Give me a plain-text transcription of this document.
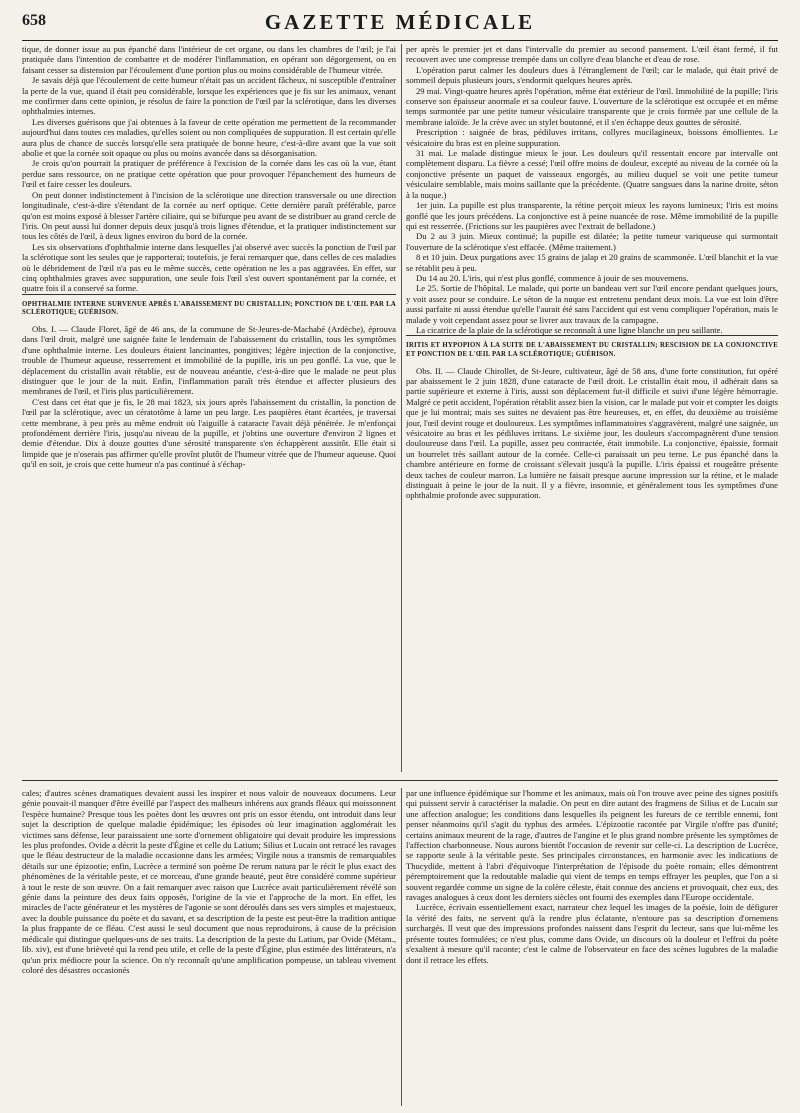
658	GAZETTE MÉDICALE

tique, de donner issue au pus épanché dans l'intérieur de cet organe, ou dans les chambres de l'œil; je l'ai pratiquée dans l'intention de combattre et de modérer l'inflammation, en opérant son dégorgement, ou en faisant cesser sa distension par l'écoulement d'une portion plus ou moins considérable de l'humeur vitrée.

Je savais déjà que l'écoulement de cette humeur n'était pas un accident fâcheux, ni susceptible d'entraîner la perte de la vue, quand il était peu considérable, lorsque les expériences que je fis sur les animaux, venant me confirmer dans cette opinion, je résolus de faire la ponction de l'œil par la sclérotique, dans les diverses ophthalmies internes.

Les diverses guérisons que j'ai obtenues à la faveur de cette opération me permettent de la recommander aujourd'hui dans toutes ces maladies, qu'elles soient ou non compliquées de suppuration. Il est certain qu'elle aura plus de chance de succès lorsqu'elle sera pratiquée de bonne heure, c'est-à-dire avant que la vue soit abolie et que la cornée soit opaque ou plus ou moins avancée dans sa désorganisation.

Je crois qu'on pourrait la pratiquer de préférence à l'excision de la cornée dans les cas où la vue, étant perdue sans ressource, on ne pratique cette opération que pour provoquer l'épanchement des humeurs de l'œil et faire cesser les douleurs.

On peut donner indistinctement à l'incision de la sclérotique une direction transversale ou une direction longitudinale, c'est-à-dire s'étendant de la cornée au nerf optique. Cette dernière paraît préférable, parce qu'on est moins exposé à blesser l'artère ciliaire, qui se bifurque peu avant de se distribuer au grand cercle de l'iris. On peut aussi lui donner depuis deux jusqu'à trois lignes d'étendue, et la pratiquer indistinctement sur tous les côtés de l'œil, à deux lignes environ du bord de la cornée.

Les six observations d'ophthalmie interne dans lesquelles j'ai observé avec succès la ponction de l'œil par la sclérotique sont les seules que je rapporterai; toutefois, je ferai remarquer que, dans celles de ces maladies où le débridement de l'œil n'a pas eu le même succès, cette opération ne les a pas aggravées. En effet, sur cinq ophthalmies graves avec suppuration, une seule fois l'œil s'est ouvert spontanément par la cornée, et quatre fois il a conservé sa forme.

OPHTHALMIE INTERNE SURVENUE APRÈS L'ABAISSEMENT DU CRISTALLIN; PONCTION DE L'ŒIL PAR LA SCLÉROTIQUE; GUÉRISON.

Obs. I. — Claude Floret, âgé de 46 ans, de la commune de St-Jeures-de-Machabé (Ardèche), éprouva dans l'œil droit, malgré une saignée faite le lendemain de l'abaissement du cristallin, tous les symptômes d'une ophthalmie interne. Les douleurs étaient lancinantes, pongitives; légère injection de la conjonctive, trouble de l'humeur aqueuse, resserrement et immobilité de la pupille, iris un peu gonflé. La vue, que le déplacement du cristallin avait rétablie, est de nouveau anéantie, c'est-à-dire que le malade ne peut plus distinguer que le jour de la nuit. Enfin, l'inflammation paraît très étendue et affecter plusieurs des membranes de l'œil, et l'iris plus particulièrement.

C'est dans cet état que je fis, le 28 mai 1823, six jours après l'abaissement du cristallin, la ponction de l'œil par la sclérotique, avec un cératotôme à lame un peu large. Les paupières étant écartées, je traversai cette membrane, à peu près au même endroit où l'aiguille à cataracte l'avait déjà pénétrée. Je m'enfonçai profondément derrière l'iris, jusqu'au niveau de la pupille, et j'obtins une ouverture d'environ 2 lignes et demie d'étendue. Dix à douze gouttes d'une sérosité transparente s'en échappèrent aussitôt. Elle était si limpide que je n'oserais pas affirmer qu'elle provînt plutôt de l'humeur vitrée que de l'humeur aqueuse. Quoi qu'il en soit, je crois que cette humeur n'a pas continué à s'échap-

per après le premier jet et dans l'intervalle du premier au second pansement. L'œil étant fermé, il fut recouvert avec une compresse trempée dans un collyre d'eau blanche et d'eau de rose.

L'opération parut calmer les douleurs dues à l'étranglement de l'œil; car le malade, qui était privé de sommeil depuis plusieurs jours, s'endormit quelques heures après.

29 mai. Vingt-quatre heures après l'opération, même état extérieur de l'œil. Immobilité de la pupille; l'iris conserve son épaisseur anormale et sa couleur fauve. L'ouverture de la sclérotique est occupée et en même temps surmontée par une petite tumeur vésiculaire transparente que je crois formée par une cellule de la membrane ialoïde. Je la crève avec un stylet boutonné, et il s'en échappe deux gouttes de sérosité.

Prescription : saignée de bras, pédiluves irritans, collyres mucilagineux, boissons émollientes. Le vésicatoire du bras est en pleine suppuration.

31 mai. Le malade distingue mieux le jour. Les douleurs qu'il ressentait encore par intervalle ont complètement disparu. La fièvre a cessé; l'œil offre moins de douleur, excepté au niveau de la cornée où la conjonctive présente un paquet de vaisseaux engorgés, au milieu duquel se voit une petite tumeur vésiculaire semblable, mais moins saillante que la précédente. (Quatre sangsues dans la narine droite, séton à la nuque.)

1er juin. La pupille est plus transparente, la rétine perçoit mieux les rayons lumineux; l'iris est moins gonflé que les jours précédens. La conjonctive est à peine nuancée de rose. Même immobilité de la pupille qui est resserrée. (Frictions sur les paupières avec l'extrait de belladone.)

Du 2 au 3 juin. Mieux continué; la pupille est dilatée; la petite tumeur variqueuse qui surmontait l'ouverture de la sclérotique s'est effacée. (Même traitement.)

8 et 10 juin. Deux purgations avec 15 grains de jalap et 20 grains de scammonée. L'œil blanchit et la vue se rétablit peu à peu.

Du 14 au 20. L'iris, qui n'est plus gonflé, commence à jouir de ses mouvemens.

Le 25. Sortie de l'hôpital. Le malade, qui porte un bandeau vert sur l'œil encore pendant quelques jours, y voit assez pour se conduire. Le séton de la nuque est entretenu pendant deux mois. La vue est loin d'être aussi parfaite ni aussi étendue qu'elle l'aurait été sans l'accident qui est venu compliquer l'opération, mais le malade y voit cependant assez pour se livrer aux travaux de la campagne.

La cicatrice de la plaie de la sclérotique se reconnaît à une ligne blanche un peu saillante.

IRITIS ET HYPOPION À LA SUITE DE L'ABAISSEMENT DU CRISTALLIN; RESCISION DE LA CONJONCTIVE ET PONCTION DE L'ŒIL PAR LA SCLÉROTIQUE; GUÉRISON.

Obs. II. — Claude Chirollet, de St-Jeure, cultivateur, âgé de 58 ans, d'une forte constitution, fut opéré par abaissement le 2 juin 1828, d'une cataracte de l'œil droit. Le cristallin était mou, il adhérait dans sa partie supérieure et externe à l'iris, aussi son déplacement fut-il difficile et suivi d'une légère hémorragie. Malgré ce petit accident, l'opération rétablit assez bien la vision, car le malade put voir et compter les doigts que je lui montrai; mais ses suites ne devaient pas être heureuses, et, en effet, du deuxième au troisième jour, l'œil devint rouge et douloureux. Les symptômes inflammatoires s'aggravèrent, malgré une saignée, un vésicatoire au bras et les pédiluves irritans. Le sixième jour, les douleurs s'accompagnèrent d'une tension douloureuse dans l'œil. La pupille, assez peu contractée, était immobile. La conjonctive, épaissie, formait un bourrelet très saillant autour de la cornée. Celle-ci paraissait un peu terne. Le pus épanché dans la chambre antérieure en forme de croissant s'élevait jusqu'à la pupille. L'iris épaissi et rougeâtre présente deux taches de couleur marron. La lumière ne faisait presque aucune impression sur la rétine, et le malade distinguait à peine le jour de la nuit. Il y a fièvre, insomnie, et généralement tous les symptômes d'une ophthalmie profonde avec suppuration.

cales; d'autres scènes dramatiques devaient aussi les inspirer et nous valoir de nouveaux documens. Leur génie pouvait-il manquer d'être éveillé par l'aspect des malheurs inhérens aux grands fléaux qui moissonnent l'espèce humaine? Presque tous les poètes dont les œuvres ont pris un essor étendu, ont introduit dans leur sujet la description de quelque maladie épidémique; les épisodes où leur imagination agglomérait les victimes sans défense, leur paraissaient une sorte d'ornement obligatoire qui devait produire les impressions les plus profondes. Ovide a décrit la peste d'Égine et celle du Latium; Silius et Lucain ont retracé les ravages que le fléau destructeur de la maladie occasionne dans les armées; Virgile nous a transmis de remarquables détails sur une épizootie; enfin, Lucrèce a terminé son poème De rerum natura par le récit le plus exact des phénomènes de la véritable peste, et ce morceau, d'une grande beauté, peut être considéré comme supérieur à tout le reste de son œuvre. On a fait remarquer avec raison que Lucrèce avait particulièrement révélé son génie dans la peinture des deux faits opposés, l'origine de la vie et l'approche de la mort. En effet, les miracles de l'acte générateur et les mystères de l'agonie se sont déroulés dans ses vers simples et majestueux, avec la double puissance du poète et du savant, et sa description de la peste est peut-être la tradition antique la plus frappante de ce fléau. C'est aussi le seul document que nous reproduirons, à cause de la précision médicale qui distingue quelques-uns de ses traits. La description de la peste du Latium, par Ovide (Métam., lib. xiv), est d'une brièveté qui la rend peu utile, et celle de la peste d'Égine, plus estimée des littérateurs, n'a qu'un prix médiocre pour la science. On n'y reconnaît qu'une amplification pompeuse, un tableau vivement coloré des désastres occasionés

par une influence épidémique sur l'homme et les animaux, mais où l'on trouve avec peine des signes positifs qui puissent servir à caractériser la maladie. On peut en dire autant des fragmens de Silius et de Lucain sur une affection analogue; les conditions dans lesquelles ils peignent les fureurs de ce terrible ennemi, font penser néanmoins qu'il s'agit du typhus des armées. L'épizootie racontée par Virgile n'offre pas d'unité; certains animaux meurent de la rage, d'autres de l'angine et le plus grand nombre présente les symptômes de l'affection charbonneuse. Nous aurons bientôt l'occasion de revenir sur celle-ci. La description de Lucrèce, se rapporte seule à la véritable peste. Ses principales circonstances, en harmonie avec les indications de Thucydide, mettent à l'abri d'équivoque l'interprétation de l'épisode du poète romain; elles démontrent péremptoirement que la redoutable maladie qui vient de temps en temps effrayer les peuples, que l'on a si souvent regardée comme un signe de la colère céleste, était connue des anciens et provoquait, chez eux, des ravages analogues à ceux dont les derniers siècles ont fourni des exemples dans l'Europe occidentale.

Lucrèce, écrivain essentiellement exact, narrateur chez lequel les images de la poésie, loin de défigurer la vérité des faits, ne servent qu'à la rendre plus éclatante, n'entoure pas sa description d'ornemens surchargés. Il veut que des impressions profondes naissent dans l'esprit du lecteur, sans que lui-même les présente toutes formulées; ce n'est plus, comme dans Ovide, un discours où la douleur et l'effroi du poète s'exaltent à mesure qu'il raconte; c'est le calme de l'observateur en face des scènes lugubres de la maladie dont il retrace les effets.
